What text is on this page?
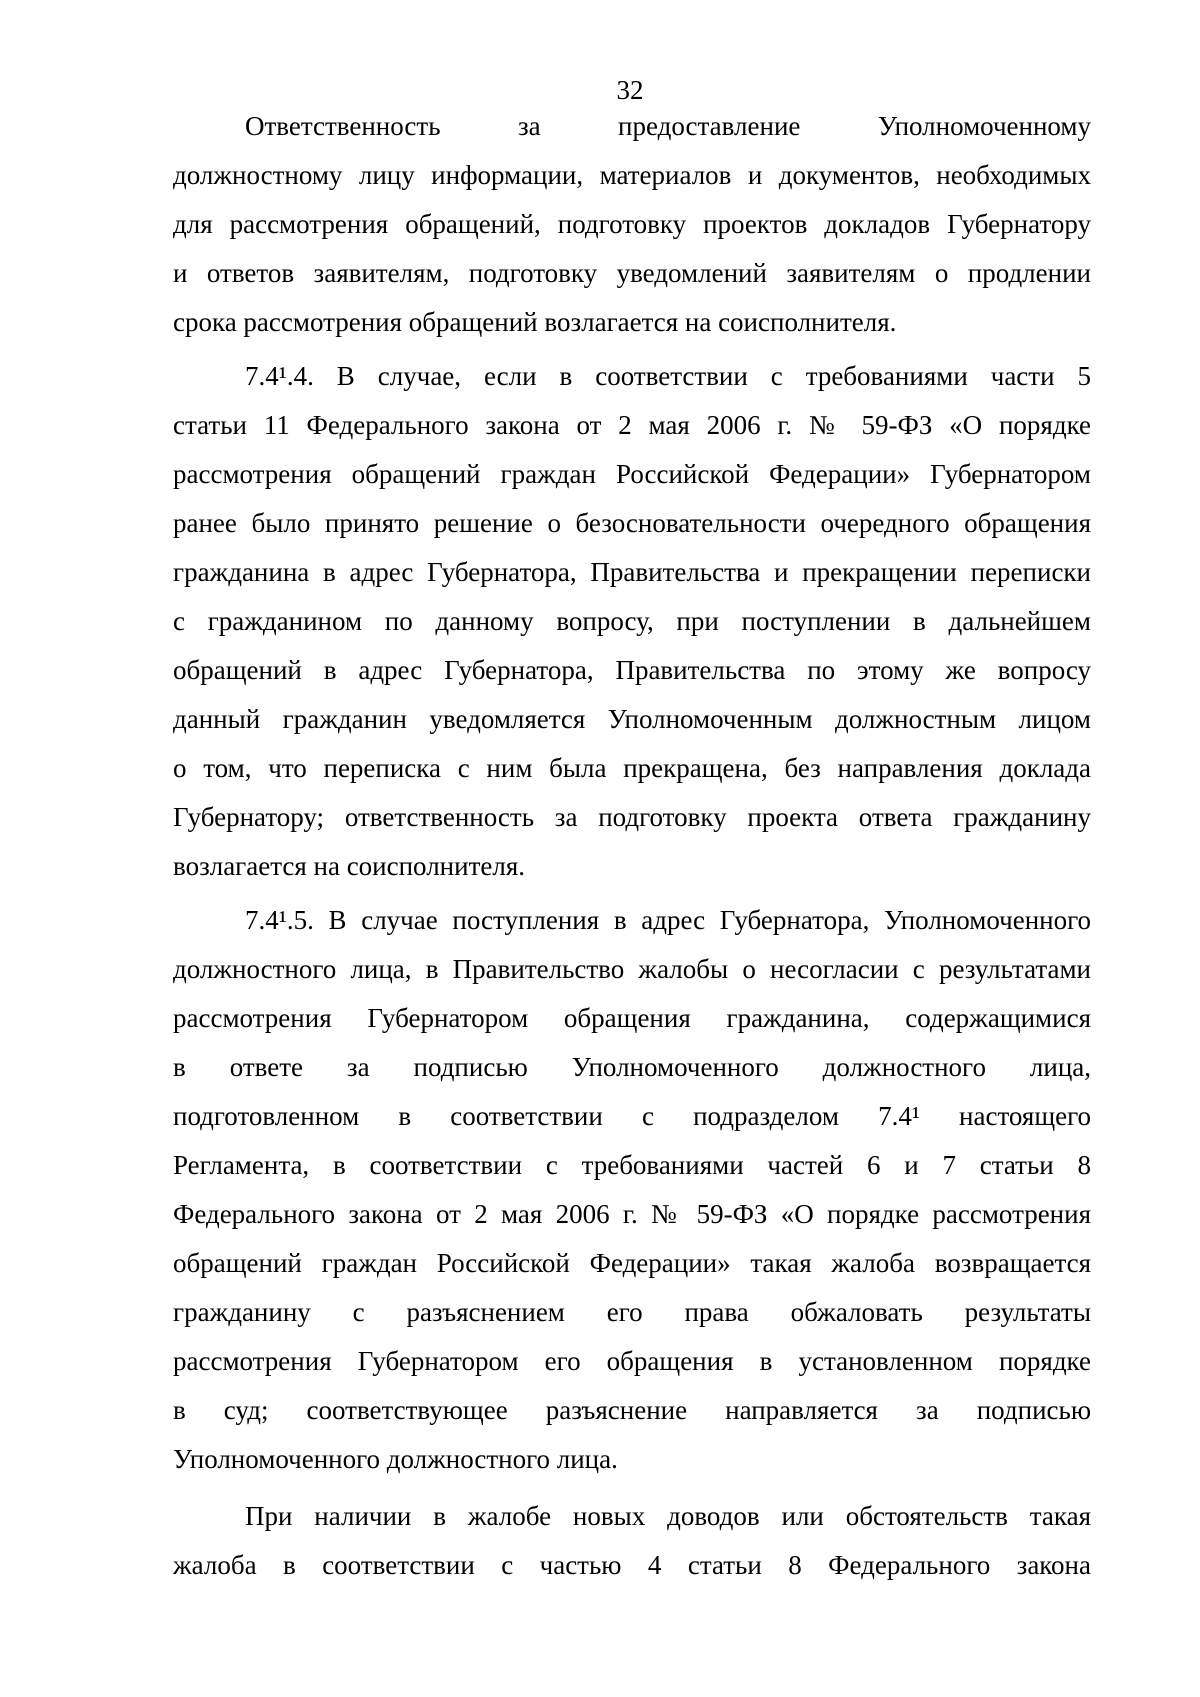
32
Ответственность за предоставление Уполномоченному
должностному лицу информации, материалов и документов, необходимых
для рассмотрения обращений, подготовку проектов докладов Губернатору
и ответов заявителям, подготовку уведомлений заявителям о продлении
срока рассмотрения обращений возлагается на соисполнителя.
7.4¹.4. В случае, если в соответствии с требованиями части 5
статьи 11 Федерального закона от 2 мая 2006 г. № 59-ФЗ «О порядке
рассмотрения обращений граждан Российской Федерации» Губернатором
ранее было принято решение о безосновательности очередного обращения
гражданина в адрес Губернатора, Правительства и прекращении переписки
с гражданином по данному вопросу, при поступлении в дальнейшем
обращений в адрес Губернатора, Правительства по этому же вопросу
данный гражданин уведомляется Уполномоченным должностным лицом
о том, что переписка с ним была прекращена, без направления доклада
Губернатору; ответственность за подготовку проекта ответа гражданину
возлагается на соисполнителя.
7.4¹.5. В случае поступления в адрес Губернатора, Уполномоченного
должностного лица, в Правительство жалобы о несогласии с результатами
рассмотрения Губернатором обращения гражданина, содержащимися
в ответе за подписью Уполномоченного должностного лица,
подготовленном в соответствии с подразделом 7.4¹ настоящего
Регламента, в соответствии с требованиями частей 6 и 7 статьи 8
Федерального закона от 2 мая 2006 г. № 59-ФЗ «О порядке рассмотрения
обращений граждан Российской Федерации» такая жалоба возвращается
гражданину с разъяснением его права обжаловать результаты
рассмотрения Губернатором его обращения в установленном порядке
в суд; соответствующее разъяснение направляется за подписью
Уполномоченного должностного лица.
При наличии в жалобе новых доводов или обстоятельств такая
жалоба в соответствии с частью 4 статьи 8 Федерального закона
